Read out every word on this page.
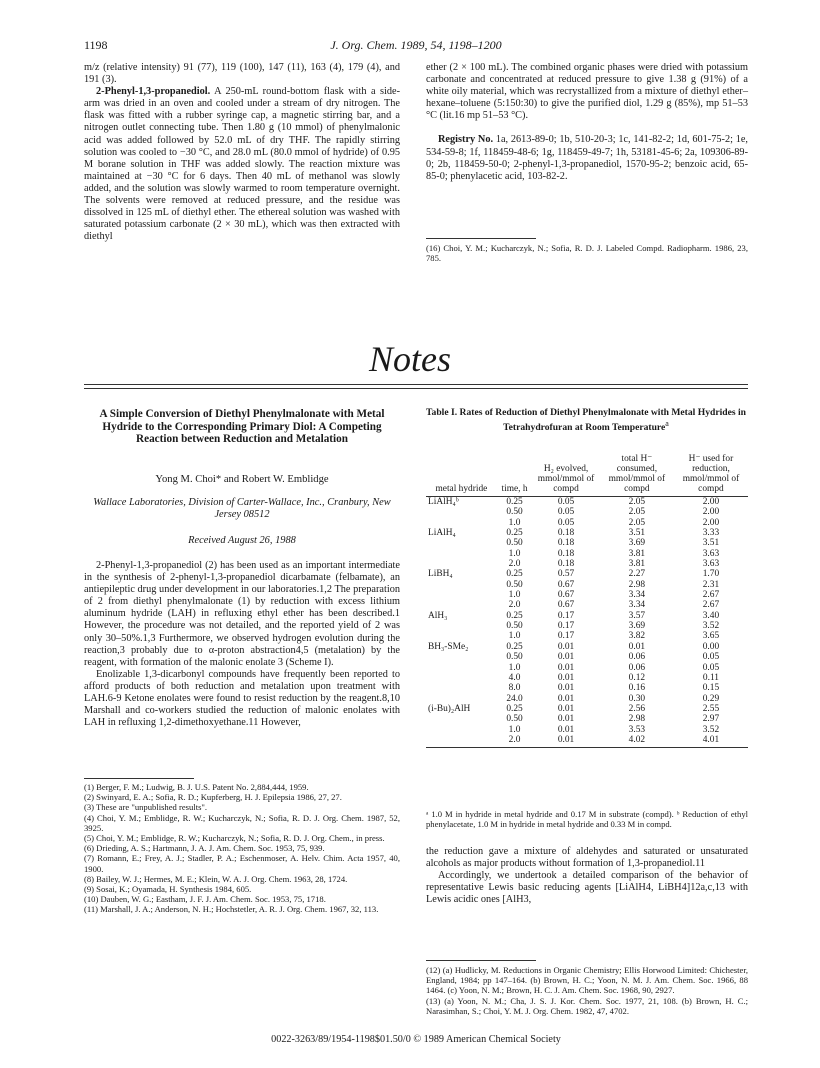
1198	J. Org. Chem. 1989, 54, 1198–1200

m/z (relative intensity) 91 (77), 119 (100), 147 (11), 163 (4), 179 (4), and 191 (3).

2-Phenyl-1,3-propanediol. A 250-mL round-bottom flask with a side-arm was dried in an oven and cooled under a stream of dry nitrogen. The flask was fitted with a rubber syringe cap, a magnetic stirring bar, and a nitrogen outlet connecting tube. Then 1.80 g (10 mmol) of phenylmalonic acid was added followed by 52.0 mL of dry THF. The rapidly stirring solution was cooled to −30 °C, and 28.0 mL (80.0 mmol of hydride) of 0.95 M borane solution in THF was added slowly. The reaction mixture was maintained at −30 °C for 6 days. Then 40 mL of methanol was slowly added, and the solution was slowly warmed to room temperature overnight. The solvents were removed at reduced pressure, and the residue was dissolved in 125 mL of diethyl ether. The ethereal solution was washed with saturated potassium carbonate (2 × 30 mL), which was then extracted with diethyl

ether (2 × 100 mL). The combined organic phases were dried with potassium carbonate and concentrated at reduced pressure to give 1.38 g (91%) of a white oily material, which was recrystallized from a mixture of diethyl ether–hexane–toluene (5:150:30) to give the purified diol, 1.29 g (85%), mp 51–53 °C (lit.16 mp 51–53 °C).

Registry No. 1a, 2613-89-0; 1b, 510-20-3; 1c, 141-82-2; 1d, 601-75-2; 1e, 534-59-8; 1f, 118459-48-6; 1g, 118459-49-7; 1h, 53181-45-6; 2a, 109306-89-0; 2b, 118459-50-0; 2-phenyl-1,3-propanediol, 1570-95-2; benzoic acid, 65-85-0; phenylacetic acid, 103-82-2.

(16) Choi, Y. M.; Kucharczyk, N.; Sofia, R. D. J. Labeled Compd. Radiopharm. 1986, 23, 785.
Notes
A Simple Conversion of Diethyl Phenylmalonate with Metal Hydride to the Corresponding Primary Diol: A Competing Reaction between Reduction and Metalation
Yong M. Choi* and Robert W. Emblidge
Wallace Laboratories, Division of Carter-Wallace, Inc., Cranbury, New Jersey 08512
Received August 26, 1988

2-Phenyl-1,3-propanediol (2) has been used as an important intermediate in the synthesis of 2-phenyl-1,3-propanediol dicarbamate (felbamate), an antiepileptic drug under development in our laboratories.1,2 The preparation of 2 from diethyl phenylmalonate (1) by reduction with excess lithium aluminum hydride (LAH) in refluxing ethyl ether has been described.1 However, the procedure was not detailed, and the reported yield of 2 was only 30–50%.1,3 Furthermore, we observed hydrogen evolution during the reaction,3 probably due to α-proton abstraction4,5 (metalation) by the reagent, with formation of the malonic enolate 3 (Scheme I).

Enolizable 1,3-dicarbonyl compounds have frequently been reported to afford products of both reduction and metalation upon treatment with LAH.6-9 Ketone enolates were found to resist reduction by the reagent.8,10 Marshall and co-workers studied the reduction of malonic enolates with LAH in refluxing 1,2-dimethoxyethane.11 However,

(1) Berger, F. M.; Ludwig, B. J. U.S. Patent No. 2,884,444, 1959.

(2) Swinyard, E. A.; Sofia, R. D.; Kupferberg, H. J. Epilepsia 1986, 27, 27.

(3) These are "unpublished results".

(4) Choi, Y. M.; Emblidge, R. W.; Kucharczyk, N.; Sofia, R. D. J. Org. Chem. 1987, 52, 3925.

(5) Choi, Y. M.; Emblidge, R. W.; Kucharczyk, N.; Sofia, R. D. J. Org. Chem., in press.

(6) Drieding, A. S.; Hartmann, J. A. J. Am. Chem. Soc. 1953, 75, 939.

(7) Romann, E.; Frey, A. J.; Stadler, P. A.; Eschenmoser, A. Helv. Chim. Acta 1957, 40, 1900.

(8) Bailey, W. J.; Hermes, M. E.; Klein, W. A. J. Org. Chem. 1963, 28, 1724.

(9) Sosai, K.; Oyamada, H. Synthesis 1984, 605.

(10) Dauben, W. G.; Eastham, J. F. J. Am. Chem. Soc. 1953, 75, 1718.

(11) Marshall, J. A.; Anderson, N. H.; Hochstetler, A. R. J. Org. Chem. 1967, 32, 113.

Table I. Rates of Reduction of Diethyl Phenylmalonate with Metal Hydrides in Tetrahydrofuran at Room Temperature$^a$
metal hydride	time, h	H₂ evolved, mmol/mmol of compd	total H⁻ consumed, mmol/mmol of compd	H⁻ used for reduction, mmol/mmol of compd
LiAlH₄ᵇ	0.25	0.05	2.05	2.00
	0.50	0.05	2.05	2.00
	1.0	0.05	2.05	2.00
LiAlH₄	0.25	0.18	3.51	3.33
	0.50	0.18	3.69	3.51
	1.0	0.18	3.81	3.63
	2.0	0.18	3.81	3.63
LiBH₄	0.25	0.57	2.27	1.70
	0.50	0.67	2.98	2.31
	1.0	0.67	3.34	2.67
	2.0	0.67	3.34	2.67
AlH₃	0.25	0.17	3.57	3.40
	0.50	0.17	3.69	3.52
	1.0	0.17	3.82	3.65
BH₃-SMe₂	0.25	0.01	0.01	0.00
	0.50	0.01	0.06	0.05
	1.0	0.01	0.06	0.05
	4.0	0.01	0.12	0.11
	8.0	0.01	0.16	0.15
	24.0	0.01	0.30	0.29
(i-Bu)₂AlH	0.25	0.01	2.56	2.55
	0.50	0.01	2.98	2.97
	1.0	0.01	3.53	3.52
	2.0	0.01	4.02	4.01
ᵃ 1.0 M in hydride in metal hydride and 0.17 M in substrate (compd). ᵇ Reduction of ethyl phenylacetate, 1.0 M in hydride in metal hydride and 0.33 M in compd.

the reduction gave a mixture of aldehydes and saturated or unsaturated alcohols as major products without formation of 1,3-propanediol.11

Accordingly, we undertook a detailed comparison of the behavior of representative Lewis basic reducing agents [LiAlH4, LiBH4]12a,c,13 with Lewis acidic ones [AlH3,

(12) (a) Hudlicky, M. Reductions in Organic Chemistry; Ellis Horwood Limited: Chichester, England, 1984; pp 147–164. (b) Brown, H. C.; Yoon, N. M. J. Am. Chem. Soc. 1966, 88 1464. (c) Yoon, N. M.; Brown, H. C. J. Am. Chem. Soc. 1968, 90, 2927.

(13) (a) Yoon, N. M.; Cha, J. S. J. Kor. Chem. Soc. 1977, 21, 108. (b) Brown, H. C.; Narasimhan, S.; Choi, Y. M. J. Org. Chem. 1982, 47, 4702.

0022-3263/89/1954-1198$01.50/0 © 1989 American Chemical Society
